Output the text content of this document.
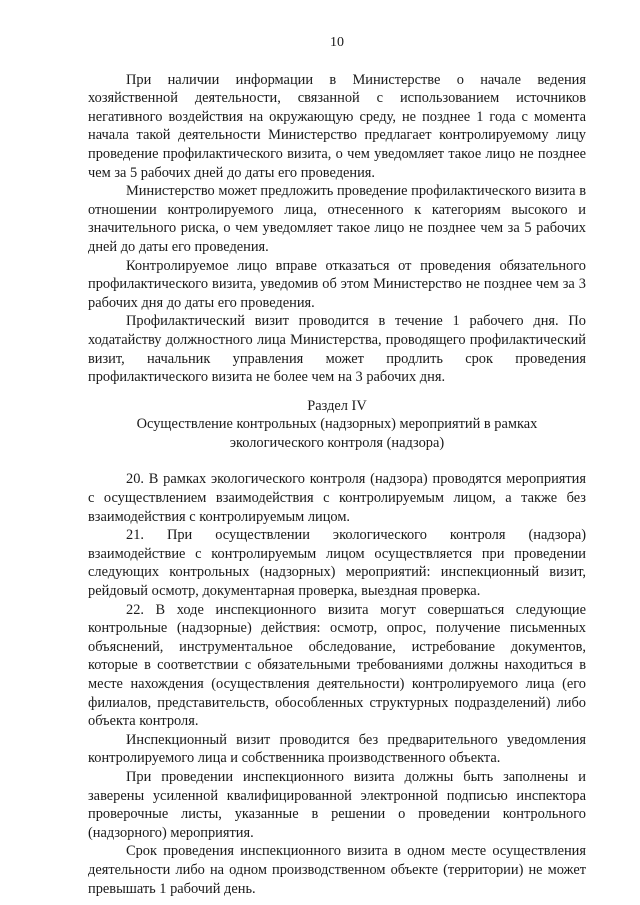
10

При наличии информации в Министерстве о начале ведения хозяйственной деятельности, связанной с использованием источников негативного воздействия на окружающую среду, не позднее 1 года с момента начала такой деятельности Министерство предлагает контролируемому лицу проведение профилактического визита, о чем уведомляет такое лицо не позднее чем за 5 рабочих дней до даты его проведения.

Министерство может предложить проведение профилактического визита в отношении контролируемого лица, отнесенного к категориям высокого и значительного риска, о чем уведомляет такое лицо не позднее чем за 5 рабочих дней до даты его проведения.

Контролируемое лицо вправе отказаться от проведения обязательного профилактического визита, уведомив об этом Министерство не позднее чем за 3 рабочих дня до даты его проведения.

Профилактический визит проводится в течение 1 рабочего дня. По ходатайству должностного лица Министерства, проводящего профилактический визит, начальник управления может продлить срок проведения профилактического визита не более чем на 3 рабочих дня.

Раздел IV
Осуществление контрольных (надзорных) мероприятий в рамках экологического контроля (надзора)

20. В рамках экологического контроля (надзора) проводятся мероприятия с осуществлением взаимодействия с контролируемым лицом, а также без взаимодействия с контролируемым лицом.

21. При осуществлении экологического контроля (надзора) взаимодействие с контролируемым лицом осуществляется при проведении следующих контрольных (надзорных) мероприятий: инспекционный визит, рейдовый осмотр, документарная проверка, выездная проверка.

22. В ходе инспекционного визита могут совершаться следующие контрольные (надзорные) действия: осмотр, опрос, получение письменных объяснений, инструментальное обследование, истребование документов, которые в соответствии с обязательными требованиями должны находиться в месте нахождения (осуществления деятельности) контролируемого лица (его филиалов, представительств, обособленных структурных подразделений) либо объекта контроля.

Инспекционный визит проводится без предварительного уведомления контролируемого лица и собственника производственного объекта.

При проведении инспекционного визита должны быть заполнены и заверены усиленной квалифицированной электронной подписью инспектора проверочные листы, указанные в решении о проведении контрольного (надзорного) мероприятия.

Срок проведения инспекционного визита в одном месте осуществления деятельности либо на одном производственном объекте (территории) не может превышать 1 рабочий день.
